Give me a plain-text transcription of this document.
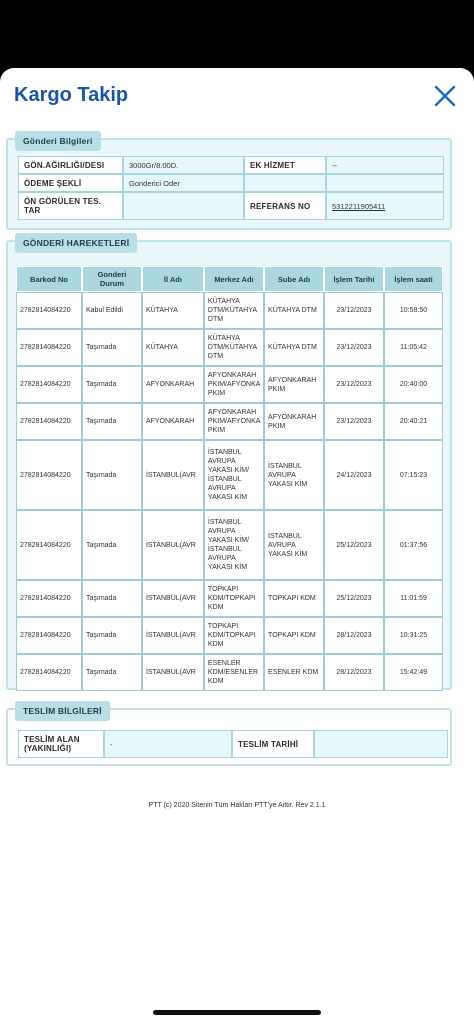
Kargo Takip
Gönderi Bilgileri
GÖN.AĞIRLIĞI/DESI	3000Gr/8.00D.	EK HİZMET	--
ÖDEME ŞEKLİ	Gonderici Oder		
ÖN GÖRÜLEN TES. TAR		REFERANS NO	5312211905411
GÖNDERİ HAREKETLERİ
Barkod No	Gonderi Durum	İl Adı	Merkez Adı	Sube Adı	İşlem Tarihi	İşlem saati
2782814084220	Kabul Edildi	KÜTAHYA	KÜTAHYA DTM/KÜTAHYA DTM	KÜTAHYA DTM	23/12/2023	10:58:50
2782814084220	Taşımada	KÜTAHYA	KÜTAHYA DTM/KÜTAHYA DTM	KÜTAHYA DTM	23/12/2023	11:05:42
2782814084220	Taşımada	AFYONKARAH	AFYONKARAH PKIM/AFYONKA PKIM	AFYONKARAH PKIM	23/12/2023	20:40:00
2782814084220	Taşımada	AFYONKARAH	AFYONKARAH PKIM/AFYONKA PKIM	AFYONKARAH PKIM	23/12/2023	20:40:21
2782814084220	Taşımada	İSTANBUL(AVR	İSTANBUL AVRUPA YAKASI KİM/ İSTANBUL AVRUPA YAKASI KİM	İSTANBUL AVRUPA YAKASI KİM	24/12/2023	07:15:23
2782814084220	Taşımada	İSTANBUL(AVR	İSTANBUL AVRUPA YAKASI KİM/ İSTANBUL AVRUPA YAKASI KİM	İSTANBUL AVRUPA YAKASI KİM	25/12/2023	01:37:56
2782814084220	Taşımada	İSTANBUL(AVR	TOPKAPI KDM/TOPKAPI KDM	TOPKAPI KDM	25/12/2023	11:01:59
2782814084220	Taşımada	İSTANBUL(AVR	TOPKAPI KDM/TOPKAPI KDM	TOPKAPI KDM	28/12/2023	10:31:25
2782814084220	Taşımada	İSTANBUL(AVR	ESENLER KDM/ESENLER KDM	ESENLER KDM	28/12/2023	15:42:49
TESLİM BİLGİLERİ
TESLİM ALAN (YAKINLIĞI)	-	TESLİM TARİHİ	
PTT (c) 2020 Sitenin Tüm Hakları PTT'ye Aittir. Rev 2.1.1
